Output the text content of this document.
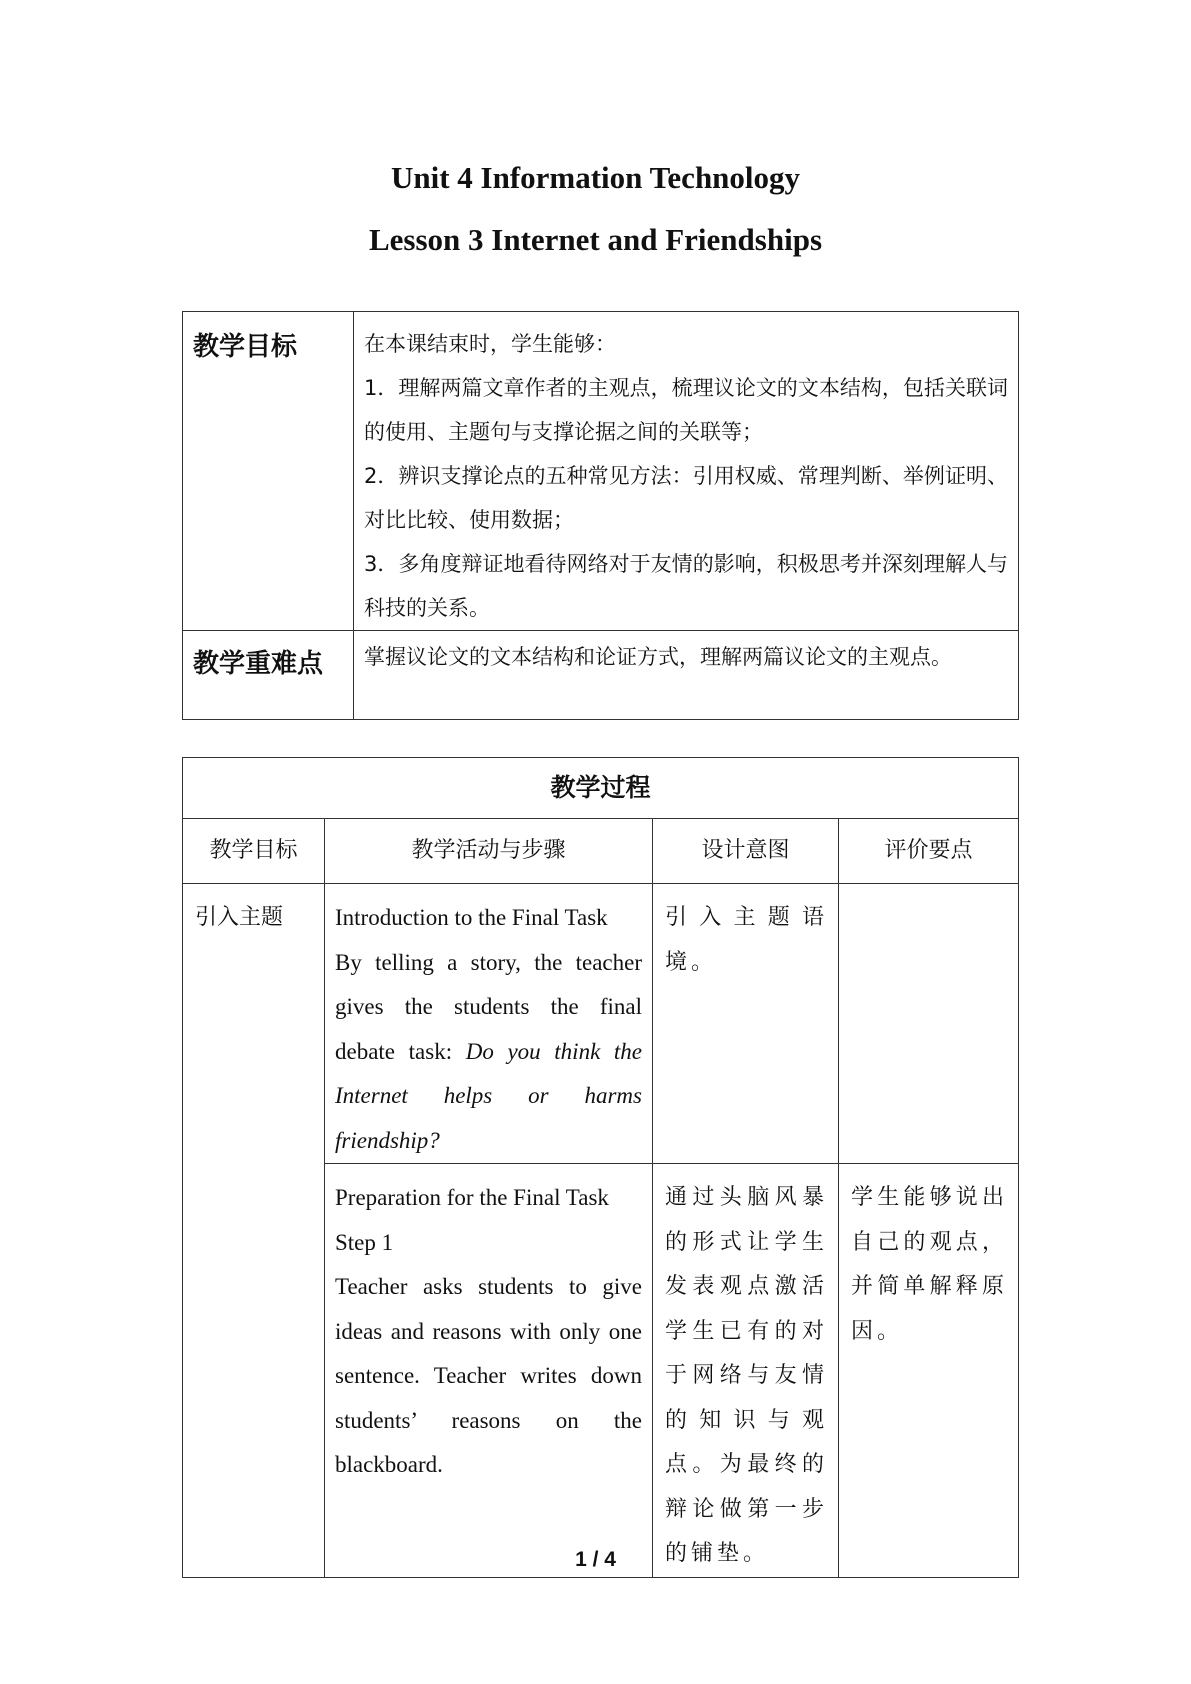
Unit 4 Information Technology
Lesson 3 Internet and Friendships
教学目标	在本课结束时，学生能够：
1．理解两篇文章作者的主观点，梳理议论文的文本结构，包括关联词的使用、主题句与支撑论据之间的关联等；
2．辨识支撑论点的五种常见方法：引用权威、常理判断、举例证明、对比比较、使用数据；
3．多角度辩证地看待网络对于友情的影响，积极思考并深刻理解人与科技的关系。

教学重难点	掌握议论文的文本结构和论证方式，理解两篇议论文的主观点。
教学过程			
教学目标	教学活动与步骤	设计意图	评价要点
引入主题	Introduction to the Final Task
By telling a story, the teacher gives the students the final debate task: Do you think the Internet helps or harms friendship?	引入主题语境。	

	Preparation for the Final Task
Step 1
Teacher asks students to give ideas and reasons with only one sentence. Teacher writes down students’ reasons on the blackboard.	通过头脑风暴的形式让学生发表观点激活学生已有的对于网络与友情的知识与观点。为最终的辩论做第一步的铺垫。	学生能够说出自己的观点，并简单解释原因。
1 / 4
